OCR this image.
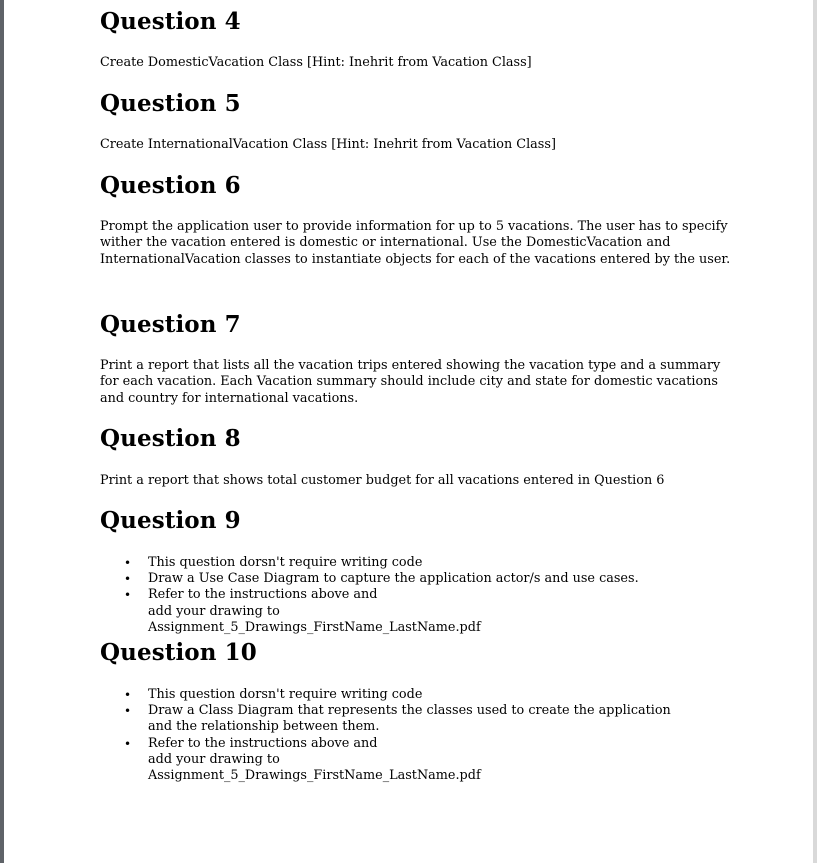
Question 4

Create DomesticVacation Class [Hint: Inehrit from Vacation Class]

Question 5

Create InternationalVacation Class [Hint: Inehrit from Vacation Class]

Question 6

Prompt the application user to provide information for up to 5 vacations. The user has to specify wither the vacation entered is domestic or international. Use the DomesticVacation and InternationalVacation classes to instantiate objects for each of the vacations entered by the user.

Question 7

Print a report that lists all the vacation trips entered showing the vacation type and a summary for each vacation. Each Vacation summary should include city and state for domestic vacations and country for international vacations.

Question 8

Print a report that shows total customer budget for all vacations entered in Question 6

Question 9
• This question dorsn't require writing code
• Draw a Use Case Diagram to capture the application actor/s and use cases.
• Refer to the instructions above and add your drawing to Assignment_5_Drawings_FirstName_LastName.pdf
Question 10
• This question dorsn't require writing code
• Draw a Class Diagram that represents the classes used to create the application and the relationship between them.
• Refer to the instructions above and add your drawing to Assignment_5_Drawings_FirstName_LastName.pdf
